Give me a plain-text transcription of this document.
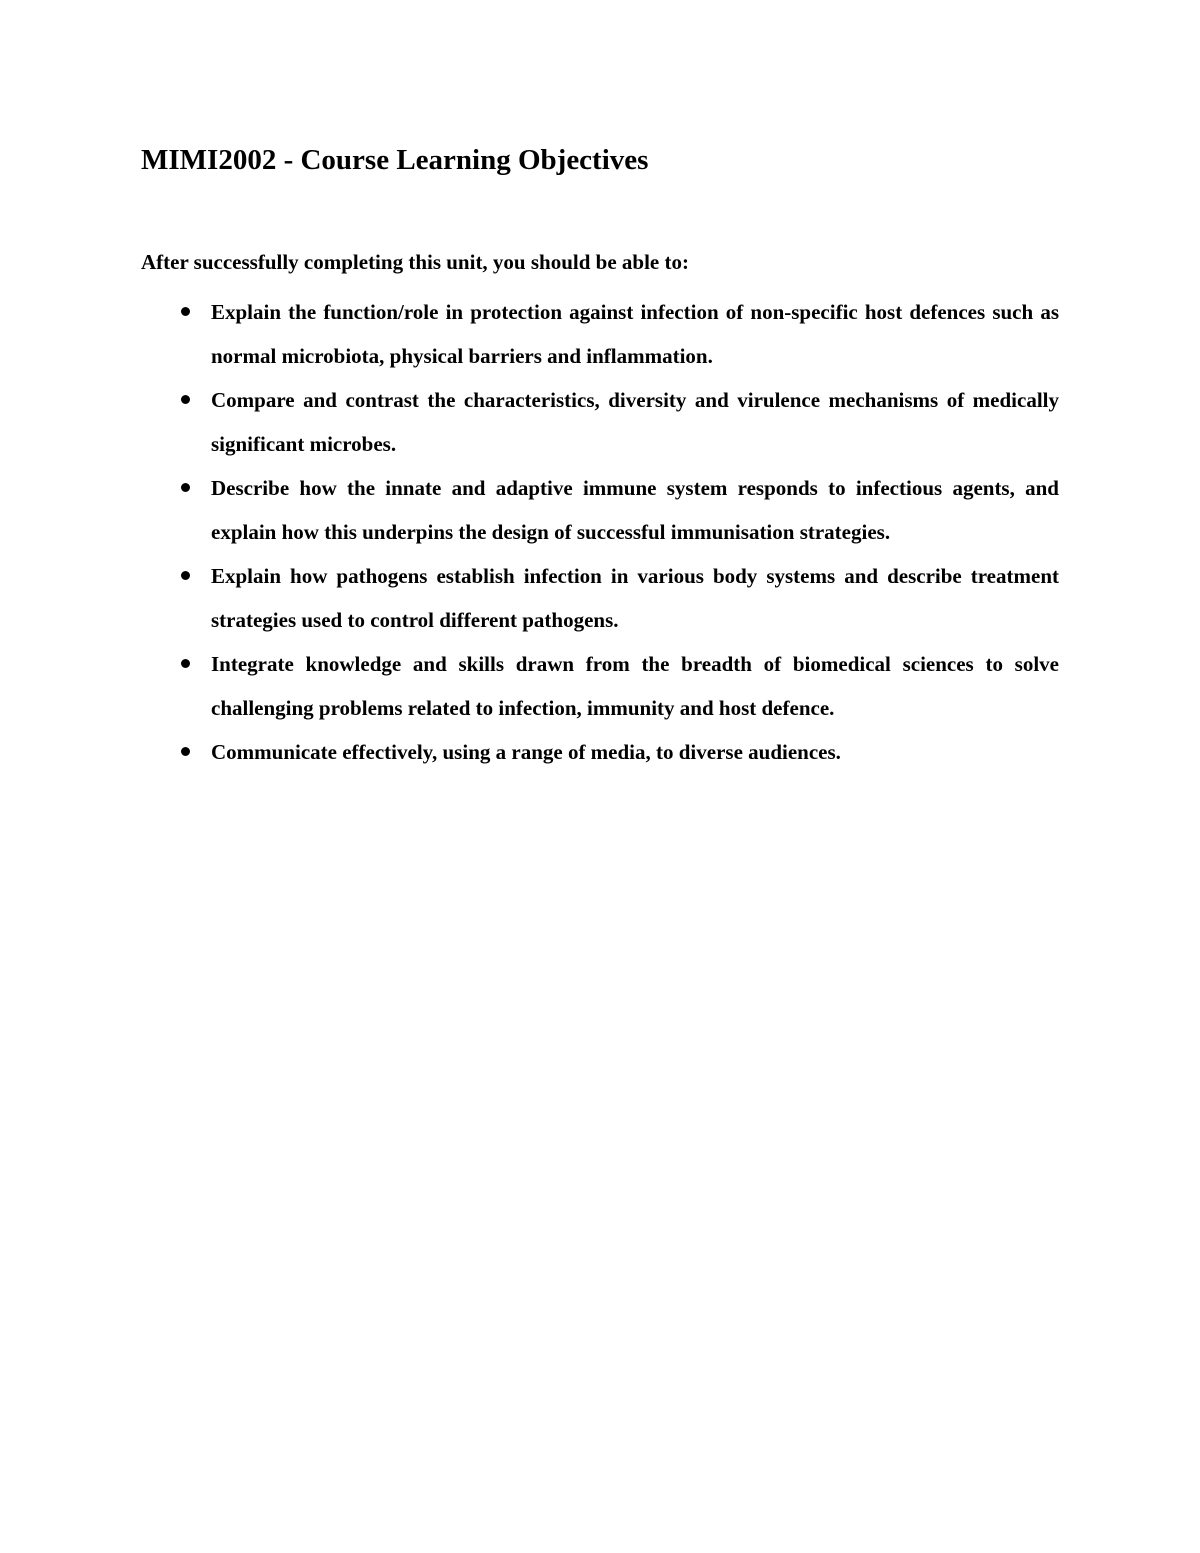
MIMI2002 - Course Learning Objectives

After successfully completing this unit, you should be able to:

Explain the function/role in protection against infection of non-specific host defences such as normal microbiota, physical barriers and inflammation.
Compare and contrast the characteristics, diversity and virulence mechanisms of medically significant microbes.
Describe how the innate and adaptive immune system responds to infectious agents, and explain how this underpins the design of successful immunisation strategies.
Explain how pathogens establish infection in various body systems and describe treatment strategies used to control different pathogens.
Integrate knowledge and skills drawn from the breadth of biomedical sciences to solve challenging problems related to infection, immunity and host defence.
Communicate effectively, using a range of media, to diverse audiences.
